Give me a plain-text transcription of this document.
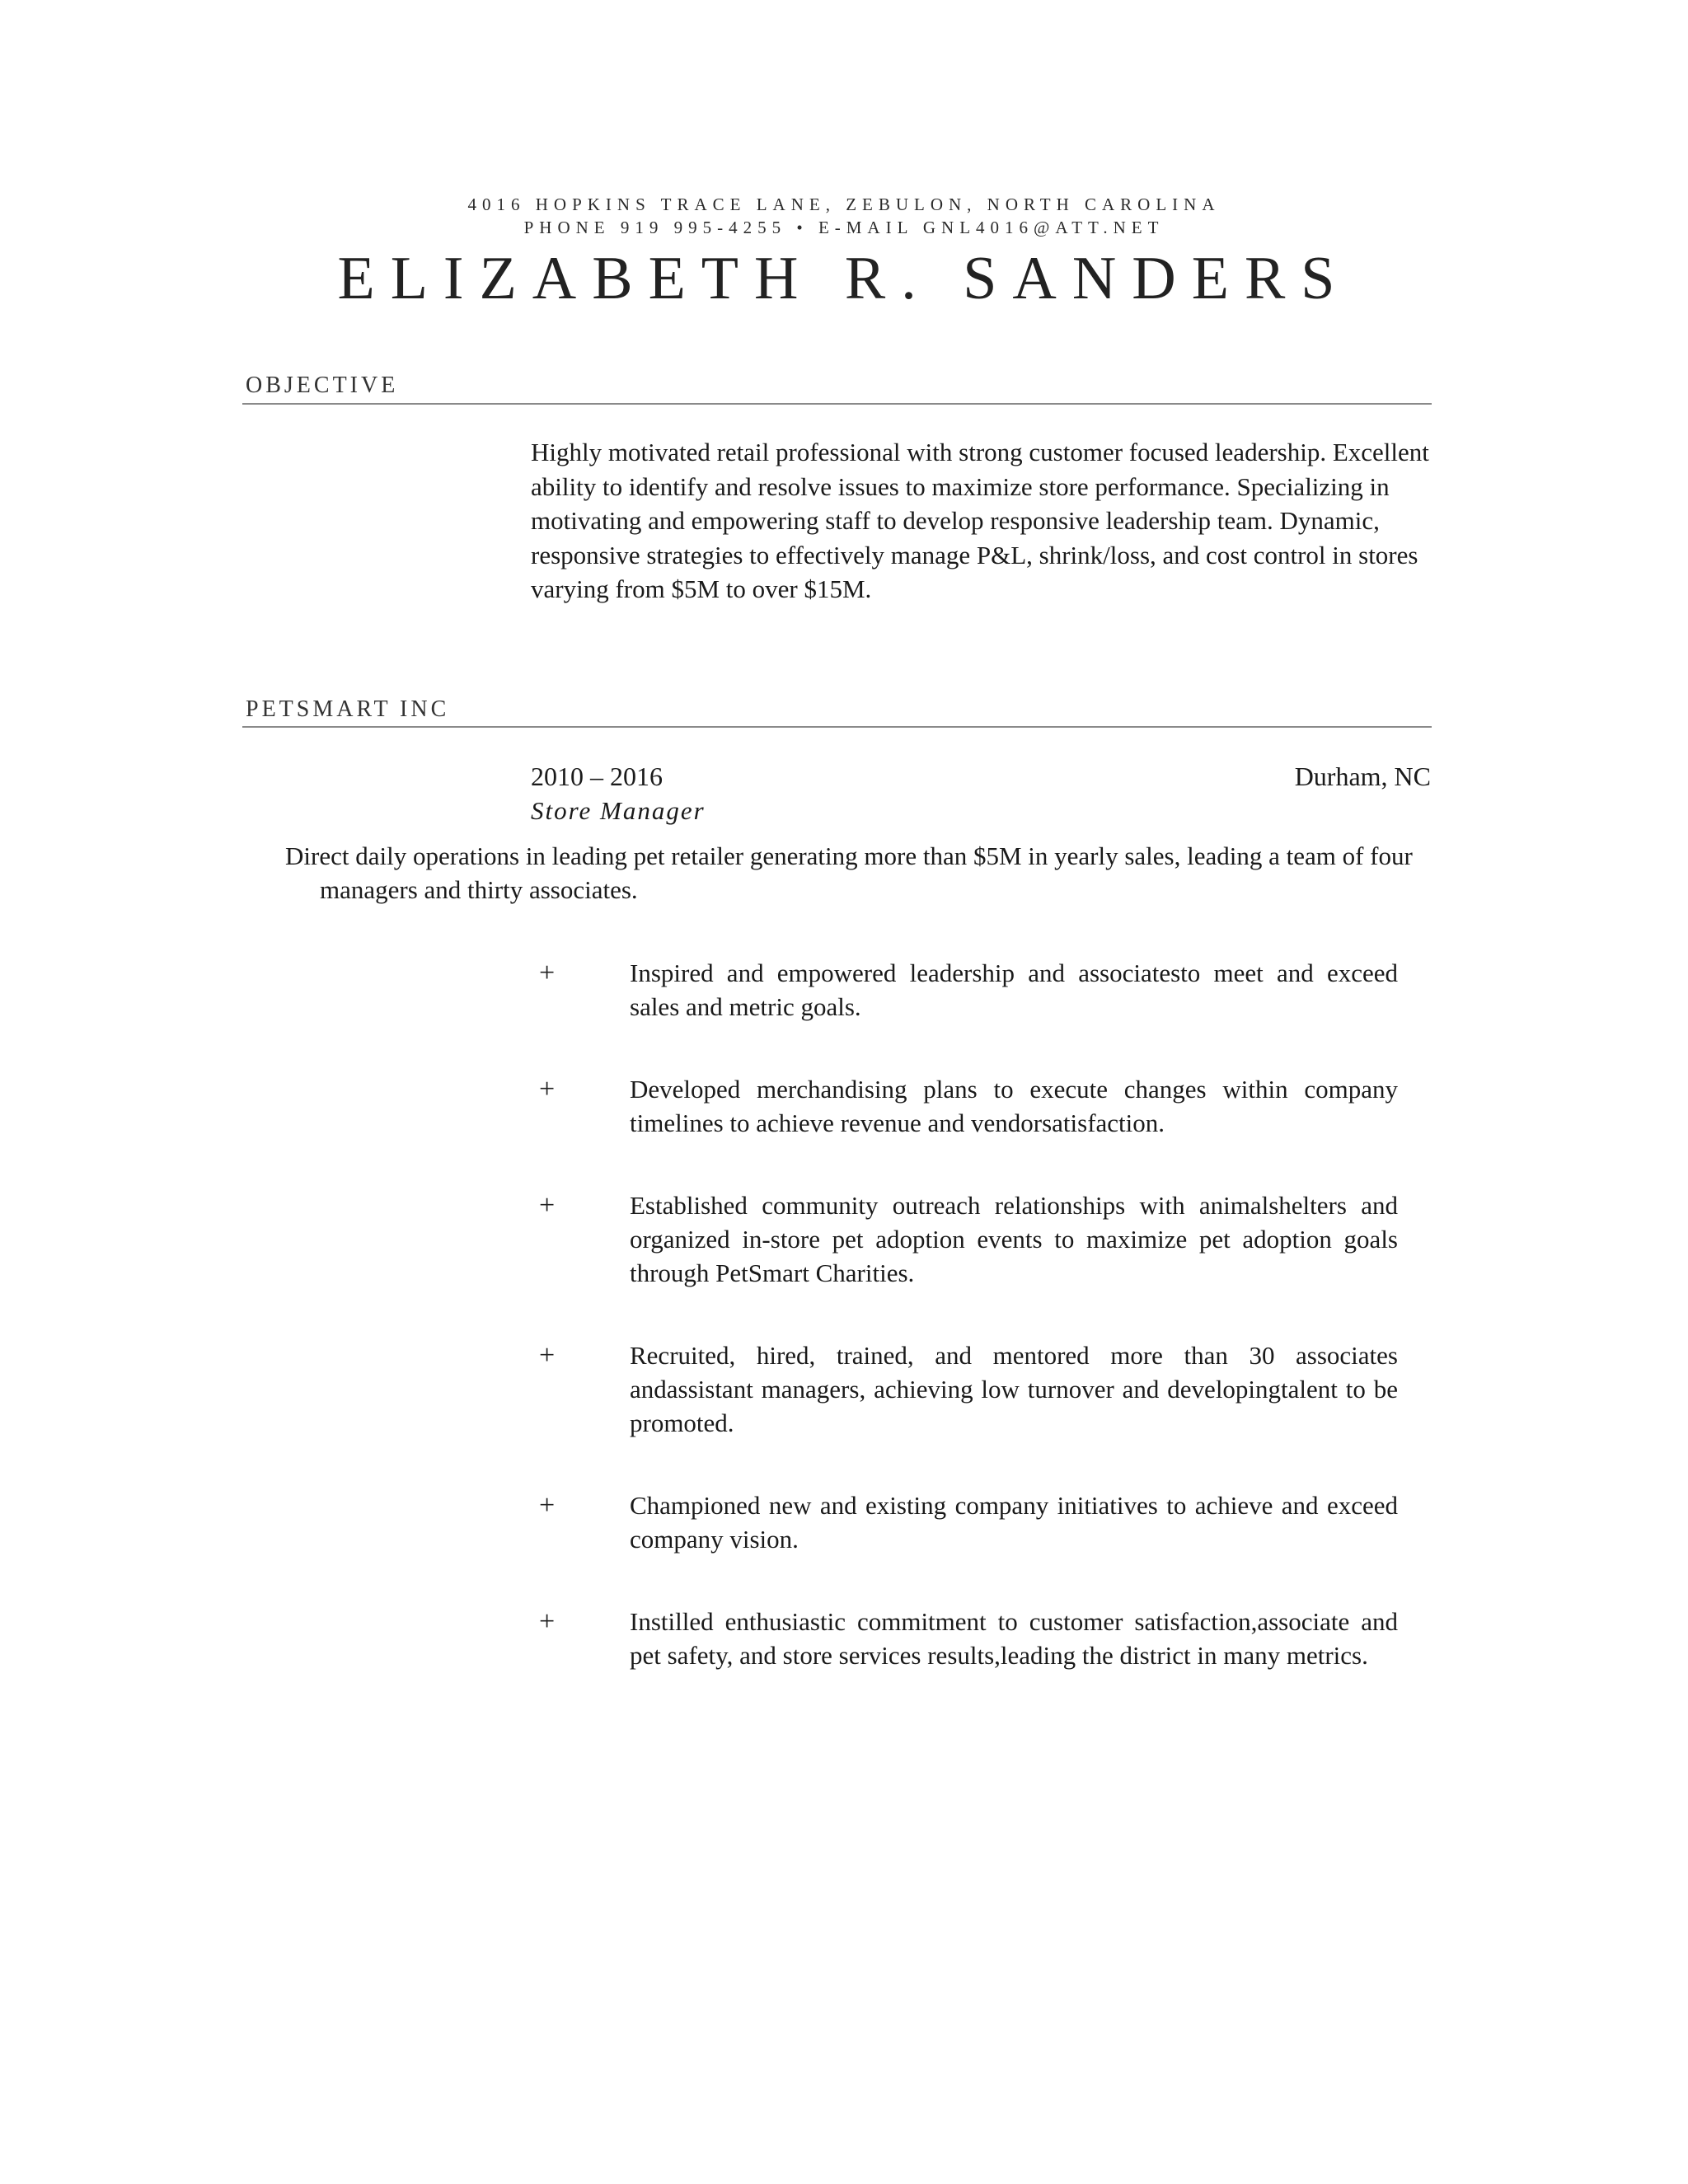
4016 HOPKINS TRACE LANE, ZEBULON, NORTH CAROLINA
PHONE 919 995-4255 • E-MAIL GNL4016@ATT.NET
ELIZABETH R. SANDERS
OBJECTIVE
Highly motivated retail professional with strong customer focused leadership. Excellent ability to identify and resolve issues to maximize store performance. Specializing in motivating and empowering staff to develop responsive leadership team. Dynamic, responsive strategies to effectively manage P&L, shrink/loss, and cost control in stores varying from $5M to over $15M.
PETSMART INC
2010 – 2016	Durham, NC
Store Manager
Direct daily operations in leading pet retailer generating more than $5M in yearly sales, leading a team of four managers and thirty associates.
+	Inspired and empowered leadership and associatesto meet and exceed sales and metric goals.
+	Developed merchandising plans to execute changes within company timelines to achieve revenue and vendorsatisfaction.
+	Established community outreach relationships with animalshelters and organized in-store pet adoption events to maximize pet adoption goals through PetSmart Charities.
+	Recruited, hired, trained, and mentored more than 30 associates andassistant managers, achieving low turnover and developingtalent to be promoted.
+	Championed new and existing company initiatives to achieve and exceed company vision.
+	Instilled enthusiastic commitment to customer satisfaction,associate and pet safety, and store services results,leading the district in many metrics.
